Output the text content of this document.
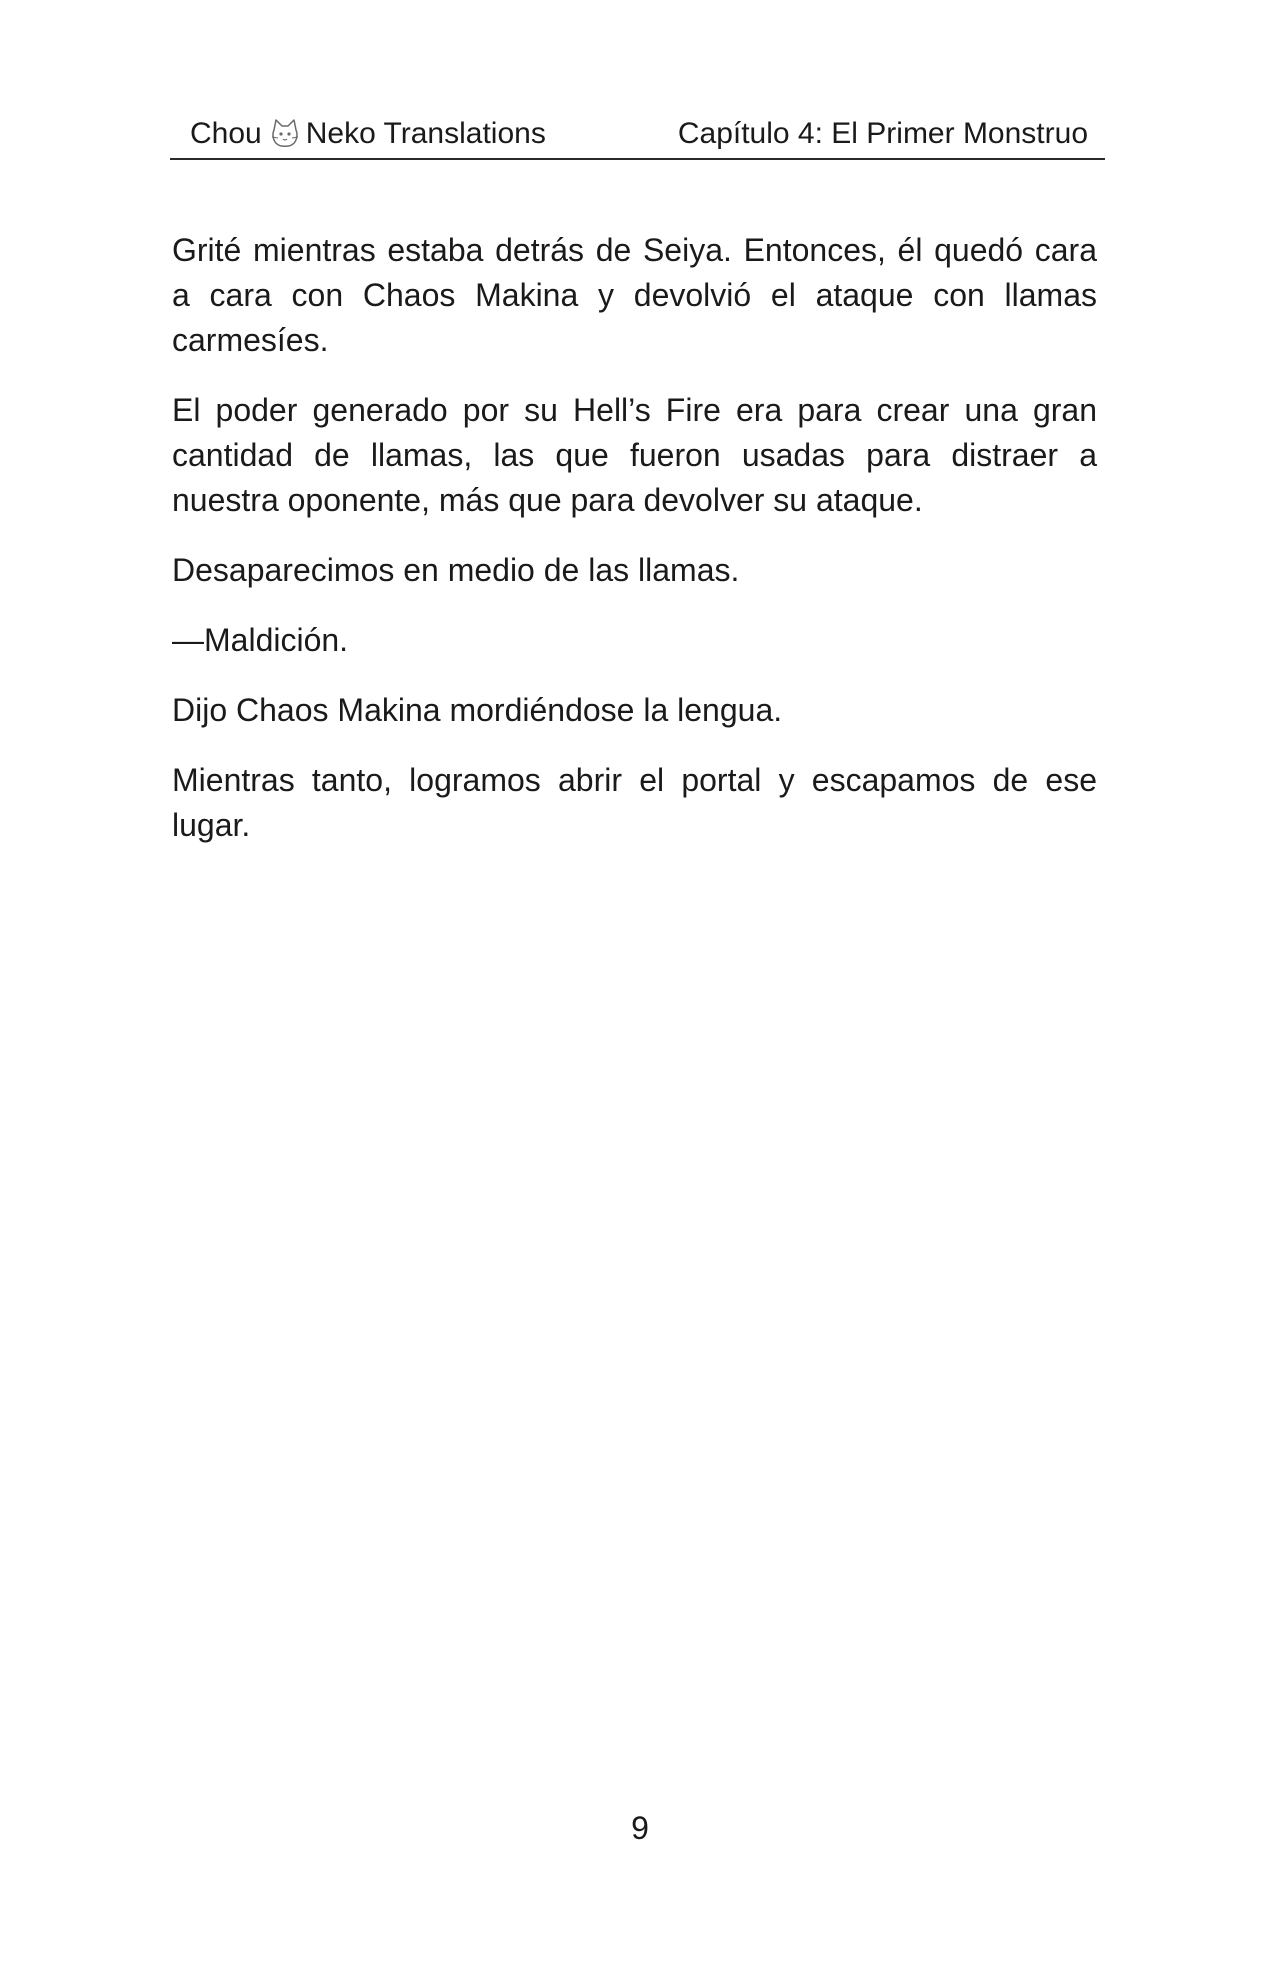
Chou Neko Translations	Capítulo 4: El Primer Monstruo

Grité mientras estaba detrás de Seiya. Entonces, él quedó cara a cara con Chaos Makina y devolvió el ataque con llamas carmesíes.

El poder generado por su Hell’s Fire era para crear una gran cantidad de llamas, las que fueron usadas para distraer a nuestra oponente, más que para devolver su ataque.

Desaparecimos en medio de las llamas.

—Maldición.

Dijo Chaos Makina mordiéndose la lengua.

Mientras tanto, logramos abrir el portal y escapamos de ese lugar.

9
